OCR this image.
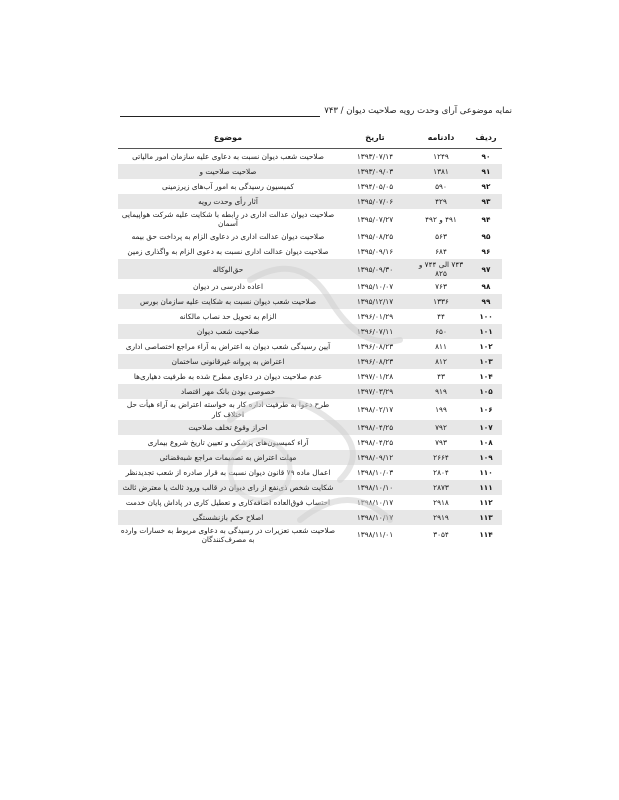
نمایه موضوعی آرای وحدت رویه صلاحیت دیوان / ۷۴۳
ردیف	دادنامه	تاریخ	موضوع
۹۰	۱۲۴۹	۱۳۹۳/۰۷/۱۴	صلاحیت شعب دیوان نسبت به دعاوی علیه سازمان امور مالیاتی
۹۱	۱۳۸۱	۱۳۹۳/۰۹/۰۳	صلاحیت صلاحیت و
۹۲	۵۹۰	۱۳۹۴/۰۵/۰۵	کمیسیون رسیدگی به امور آب‌های زیرزمینی
۹۳	۴۲۹	۱۳۹۵/۰۷/۰۶	آثار رأی وحدت رویه
۹۴	۴۹۱ و ۴۹۲	۱۳۹۵/۰۷/۲۷	صلاحیت دیوان عدالت اداری در رابطه با شکایت علیه شرکت هواپیمایی آسمان
۹۵	۵۶۳	۱۳۹۵/۰۸/۲۵	صلاحیت دیوان عدالت اداری در دعاوی الزام به پرداخت حق بیمه
۹۶	۶۸۴	۱۳۹۵/۰۹/۱۶	صلاحیت دیوان عدالت اداری نسبت به دعوی الزام به واگذاری زمین
۹۷	۷۴۳ الی ۷۴۴ و ۸۲۵	۱۳۹۵/۰۹/۳۰	حق‌الوکاله
۹۸	۷۶۳	۱۳۹۵/۱۰/۰۷	اعاده دادرسی در دیوان
۹۹	۱۳۳۶	۱۳۹۵/۱۲/۱۷	صلاحیت شعب دیوان نسبت به شکایت علیه سازمان بورس
۱۰۰	۴۴	۱۳۹۶/۰۱/۲۹	الزام به تحویل حد نصاب مالکانه
۱۰۱	۶۵۰	۱۳۹۶/۰۷/۱۱	صلاحیت شعب دیوان
۱۰۲	۸۱۱	۱۳۹۶/۰۸/۲۳	آیین رسیدگی شعب دیوان به اعتراض به آراء مراجع اختصاصی اداری
۱۰۳	۸۱۲	۱۳۹۶/۰۸/۲۳	اعتراض به پروانه غیرقانونی ساختمان
۱۰۴	۴۳	۱۳۹۷/۰۱/۲۸	عدم صلاحیت دیوان در دعاوی مطرح شده به طرفیت دهیاری‌ها
۱۰۵	۹۱۹	۱۳۹۷/۰۳/۲۹	خصوصی بودن بانک مهر اقتصاد
۱۰۶	۱۹۹	۱۳۹۸/۰۲/۱۷	طرح دعوا به طرفیت اداره کار به خواسته اعتراض به آراء هیأت حل اختلاف کار
۱۰۷	۷۹۲	۱۳۹۸/۰۴/۲۵	احراز وقوع تخلف صلاحیت
۱۰۸	۷۹۳	۱۳۹۸/۰۴/۲۵	آراء کمیسیون‌های پزشکی و تعیین تاریخ شروع بیماری
۱۰۹	۲۶۶۴	۱۳۹۸/۰۹/۱۲	مهلت اعتراض به تصمیمات مراجع شبه‌قضائی
۱۱۰	۲۸۰۴	۱۳۹۸/۱۰/۰۳	اعمال ماده ۷۹ قانون دیوان نسبت به قرار صادره از شعب تجدیدنظر
۱۱۱	۲۸۷۳	۱۳۹۸/۱۰/۱۰	شکایت شخص ذی‌نفع از رای دیوان در قالب ورود ثالث یا معترض ثالث
۱۱۲	۲۹۱۸	۱۳۹۸/۱۰/۱۷	احتساب فوق‌العاده اضافه‌کاری و تعطیل کاری در پاداش پایان خدمت
۱۱۳	۲۹۱۹	۱۳۹۸/۱۰/۱۷	اصلاح حکم بازنشستگی
۱۱۴	۳۰۵۴	۱۳۹۸/۱۱/۰۱	صلاحیت شعب تعزیرات در رسیدگی به دعاوی مربوط به خسارات وارده به مصرف‌کنندگان
